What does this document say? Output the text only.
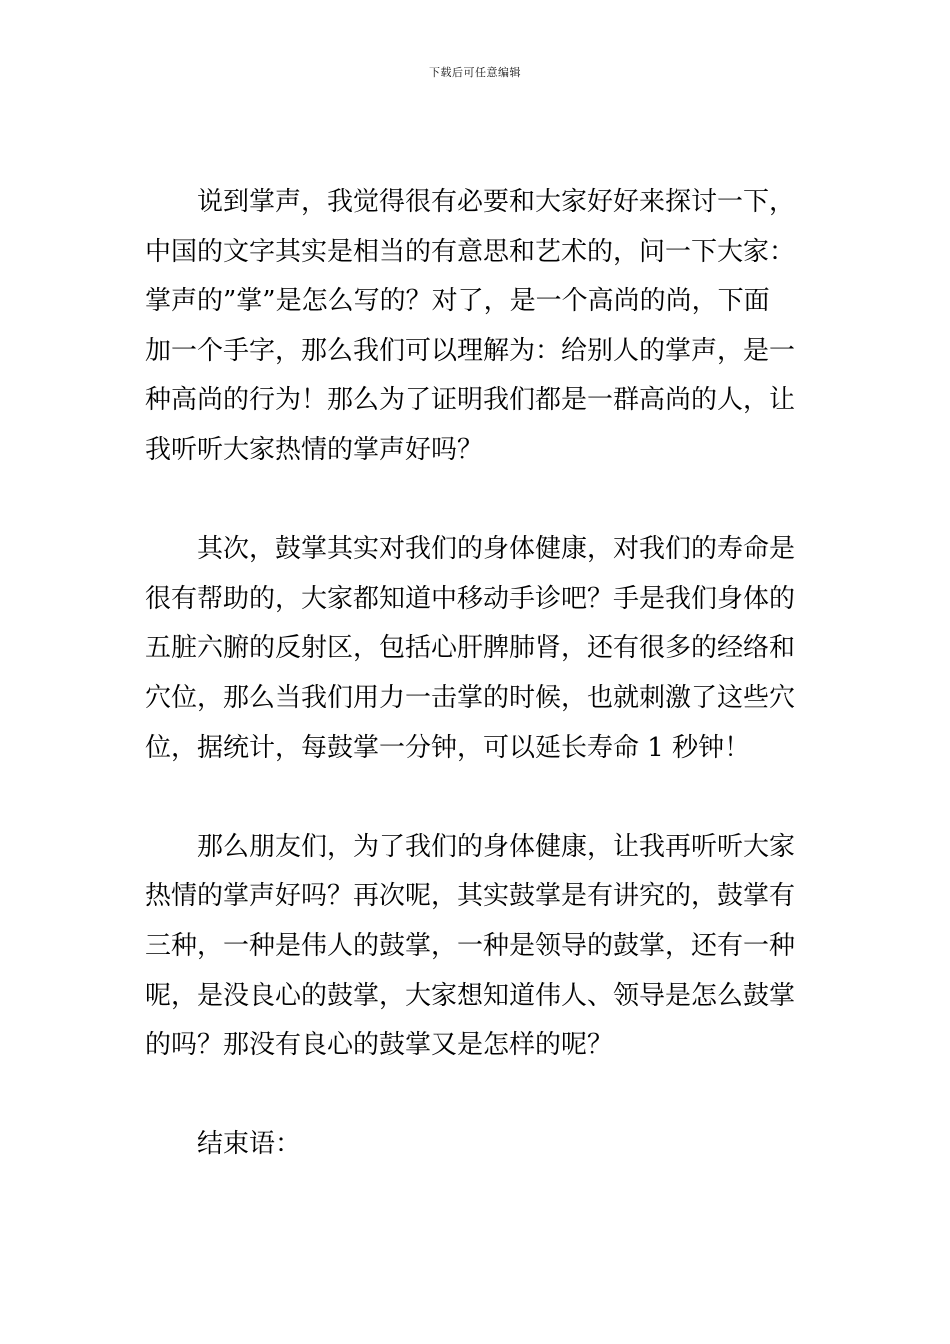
下载后可任意编辑
说到掌声，我觉得很有必要和大家好好来探讨一下，
中国的文字其实是相当的有意思和艺术的，问一下大家：
掌声的”掌”是怎么写的？对了，是一个高尚的尚，下面
加一个手字，那么我们可以理解为：给别人的掌声，是一
种高尚的行为！那么为了证明我们都是一群高尚的人，让
我听听大家热情的掌声好吗？
其次，鼓掌其实对我们的身体健康，对我们的寿命是
很有帮助的，大家都知道中移动手诊吧？手是我们身体的
五脏六腑的反射区，包括心肝脾肺肾，还有很多的经络和
穴位，那么当我们用力一击掌的时候，也就刺激了这些穴
位，据统计，每鼓掌一分钟，可以延长寿命 1 秒钟！
那么朋友们，为了我们的身体健康，让我再听听大家
热情的掌声好吗？再次呢，其实鼓掌是有讲究的，鼓掌有
三种，一种是伟人的鼓掌，一种是领导的鼓掌，还有一种
呢，是没良心的鼓掌，大家想知道伟人、领导是怎么鼓掌
的吗？那没有良心的鼓掌又是怎样的呢？
结束语：
